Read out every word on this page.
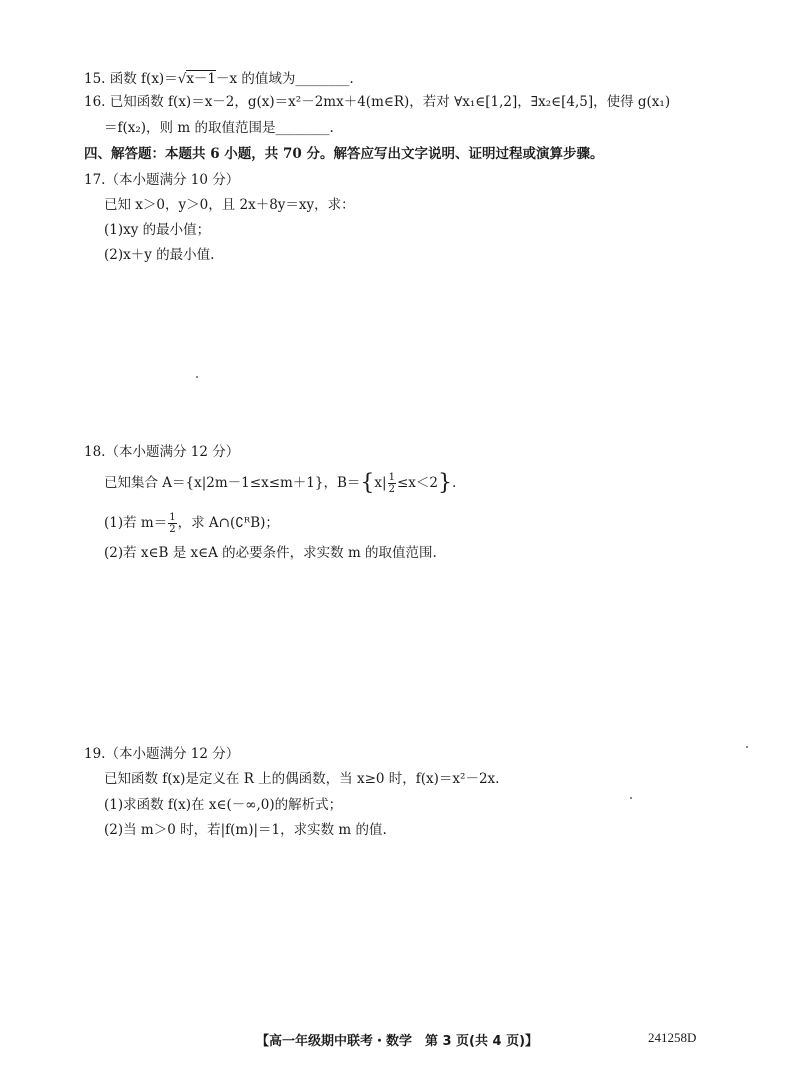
15. 函数 f(x)＝√x－1－x 的值域为________.
16. 已知函数 f(x)＝x－2，g(x)＝x²－2mx＋4(m∈R)，若对 ∀x₁∈[1,2]，∃x₂∈[4,5]，使得 g(x₁)
＝f(x₂)，则 m 的取值范围是________.
四、解答题：本题共 6 小题，共 70 分。解答应写出文字说明、证明过程或演算步骤。
17.（本小题满分 10 分）
已知 x＞0，y＞0，且 2x＋8y＝xy，求：
(1)xy 的最小值；
(2)x＋y 的最小值.
18.（本小题满分 12 分）
已知集合 A＝{x|2m－1≤x≤m＋1}，$B=\{x| \frac{1}{2} \le x<2\}$.
(1)若 $m= \frac{1}{2}$ ，求 A∩(∁ᴿB)；
(2)若 x∈B 是 x∈A 的必要条件，求实数 m 的取值范围.
19.（本小题满分 12 分）
已知函数 f(x)是定义在 R 上的偶函数，当 x≥0 时，f(x)＝x²－2x.
(1)求函数 f(x)在 x∈(－∞,0)的解析式；
(2)当 m＞0 时，若|f(m)|＝1，求实数 m 的值.
【高一年级期中联考・数学　第 3 页(共 4 页)】	241258D
